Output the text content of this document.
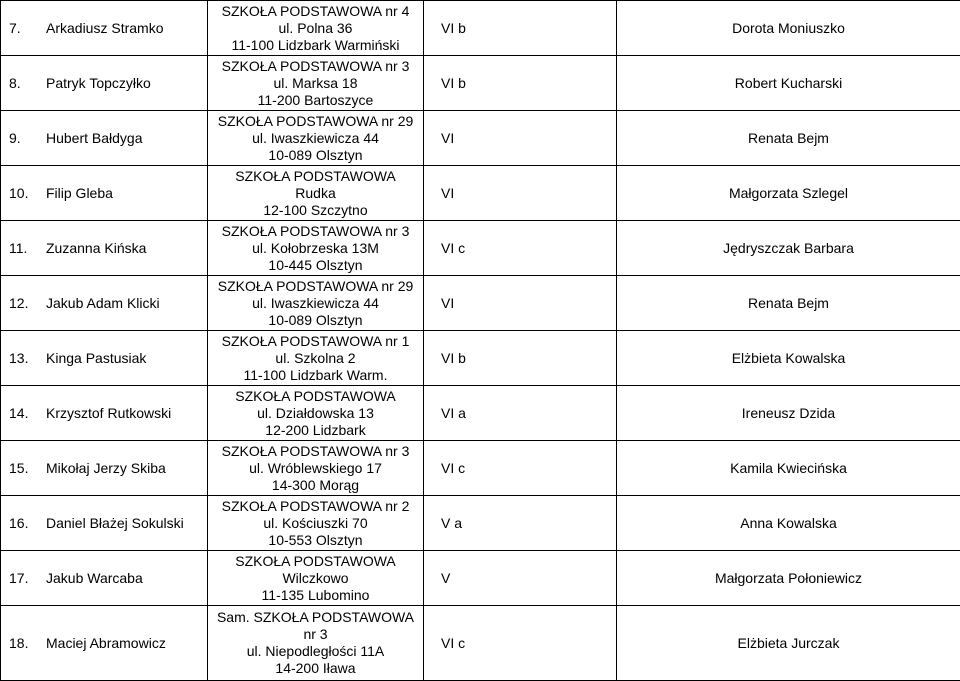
7. Arkadiusz Stramko	SZKOŁA PODSTAWOWA nr 4
ul. Polna 36
11-100 Lidzbark Warmiński	VI b	Dorota Moniuszko
8. Patryk Topczyłko	SZKOŁA PODSTAWOWA nr 3
ul. Marksa 18
11-200 Bartoszyce	VI b	Robert Kucharski
9. Hubert Bałdyga	SZKOŁA PODSTAWOWA nr 29
ul. Iwaszkiewicza 44
10-089 Olsztyn	VI	Renata Bejm
10. Filip Gleba	SZKOŁA PODSTAWOWA
Rudka
12-100 Szczytno	VI	Małgorzata Szlegel
11. Zuzanna Kińska	SZKOŁA PODSTAWOWA nr 3
ul. Kołobrzeska 13M
10-445 Olsztyn	VI c	Jędryszczak Barbara
12. Jakub Adam Klicki	SZKOŁA PODSTAWOWA nr 29
ul. Iwaszkiewicza 44
10-089 Olsztyn	VI	Renata Bejm
13. Kinga Pastusiak	SZKOŁA PODSTAWOWA nr 1
ul. Szkolna 2
11-100 Lidzbark Warm.	VI b	Elżbieta Kowalska
14. Krzysztof Rutkowski	SZKOŁA PODSTAWOWA
ul. Działdowska 13
12-200 Lidzbark	VI a	Ireneusz Dzida
15. Mikołaj Jerzy Skiba	SZKOŁA PODSTAWOWA nr 3
ul. Wróblewskiego 17
14-300 Morąg	VI c	Kamila Kwiecińska
16. Daniel Błażej Sokulski	SZKOŁA PODSTAWOWA nr 2
ul. Kościuszki 70
10-553 Olsztyn	V a	Anna Kowalska
17. Jakub Warcaba	SZKOŁA PODSTAWOWA
Wilczkowo
11-135 Lubomino	V	Małgorzata Połoniewicz
18. Maciej Abramowicz	Sam. SZKOŁA PODSTAWOWA
nr 3
ul. Niepodległości 11A
14-200 Iława	VI c	Elżbieta Jurczak
